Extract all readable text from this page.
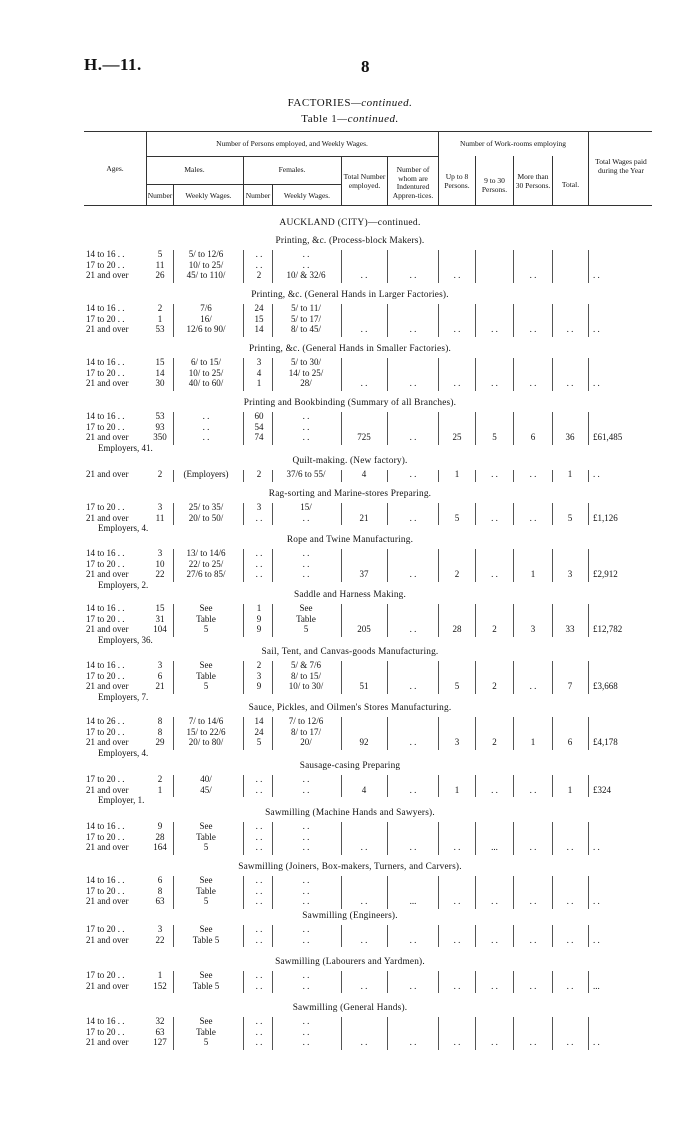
H.—11.	8
FACTORIES—continued.
Table 1—continued.
Ages.
Number of Persons employed, and Weekly Wages.	Number of Work-rooms employing
Males.	Females.
Number	Weekly Wages.	Number	Weekly Wages.
Total Number employed.
Number of whom are Indentured Appren-tices.
Up to 8 Persons.	9 to 30 Persons.
More than 30 Persons.	Total.
Total Wages paid during the Year
AUCKLAND (CITY)—continued.
Printing, &c. (Process-block Makers).
14 to 16 . .	5	5/ to 12/6	. .	. .
17 to 20 . .	11	10/ to 25/	. .	. .
21 and over	26	45/ to 110/	2	10/ & 32/6	. .	. .	. .	. .	. .
Printing, &c. (General Hands in Larger Factories).
14 to 16 . .	2	7/6	24	5/ to 11/
17 to 20 . .	1	16/	15	5/ to 17/
21 and over	53	12/6 to 90/	14	8/ to 45/	. .	. .	. .	. .	. .	. .	. .
Printing, &c. (General Hands in Smaller Factories).
14 to 16 . .	15	6/ to 15/	3	5/ to 30/
17 to 20 . .	14	10/ to 25/	4	14/ to 25/
21 and over	30	40/ to 60/	1	28/	. .	. .	. .	. .	. .	. .	. .
Printing and Bookbinding (Summary of all Branches).
14 to 16 . .	53	. .	60	. .
17 to 20 . .	93	. .	54	. .
21 and over	350	. .	74	. .	725	. .	25	5	6	36	£61,485
Employers, 41.
Quilt-making. (New factory).
21 and over	2	(Employers)	2	37/6 to 55/	4	. .	1	. .	. .	1	. .
Rag-sorting and Marine-stores Preparing.
17 to 20 . .	3	25/ to 35/	3	15/
21 and over	11	20/ to 50/	. .	. .	21	. .	5	. .	. .	5	£1,126
Employers, 4.
Rope and Twine Manufacturing.
14 to 16 . .	3	13/ to 14/6	. .	. .
17 to 20 . .	10	22/ to 25/	. .	. .
21 and over	22	27/6 to 85/	. .	. .	37	. .	2	. .	1	3	£2,912
Employers, 2.
Saddle and Harness Making.
14 to 16 . .	15	See	1	See
17 to 20 . .	31	Table	9	Table
21 and over	104	5	9	5	205	. .	28	2	3	33	£12,782
Employers, 36.
Sail, Tent, and Canvas-goods Manufacturing.
14 to 16 . .	3	See	2	5/ & 7/6
17 to 20 . .	6	Table	3	8/ to 15/
21 and over	21	5	9	10/ to 30/	51	. .	5	2	. .	7	£3,668
Employers, 7.
Sauce, Pickles, and Oilmen's Stores Manufacturing.
14 to 26 . .	8	7/ to 14/6	14	7/ to 12/6
17 to 20 . .	8	15/ to 22/6	24	8/ to 17/
21 and over	29	20/ to 80/	5	20/	92	. .	3	2	1	6	£4,178
Employers, 4.
Sausage-casing Preparing
17 to 20 . .	2	40/	. .	. .
21 and over	1	45/	. .	. .	4	. .	1	. .	. .	1	£324
Employer, 1.
Sawmilling (Machine Hands and Sawyers).
14 to 16 . .	9	See	. .	. .
17 to 20 . .	28	Table	. .	. .
21 and over	164	5	. .	. .	. .	. .	. .	...	. .	. .	. .
Sawmilling (Joiners, Box-makers, Turners, and Carvers).
14 to 16 . .	6	See	. .	. .
17 to 20 . .	8	Table	. .	. .
21 and over	63	5	. .	. .	. .	...	. .	. .	. .	. .	. .
Sawmilling (Engineers).
17 to 20 . .	3	See	. .	. .
21 and over	22	Table 5	. .	. .	. .	. .	. .	. .	. .	. .	. .
Sawmilling (Labourers and Yardmen).
17 to 20 . .	1	See	. .	. .
21 and over	152	Table 5	. .	. .	. .	. .	. .	. .	. .	. .	...
Sawmilling (General Hands).
14 to 16 . .	32	See	. .	. .
17 to 20 . .	63	Table	. .	. .
21 and over	127	5	. .	. .	. .	. .	. .	. .	. .	. .	. .
